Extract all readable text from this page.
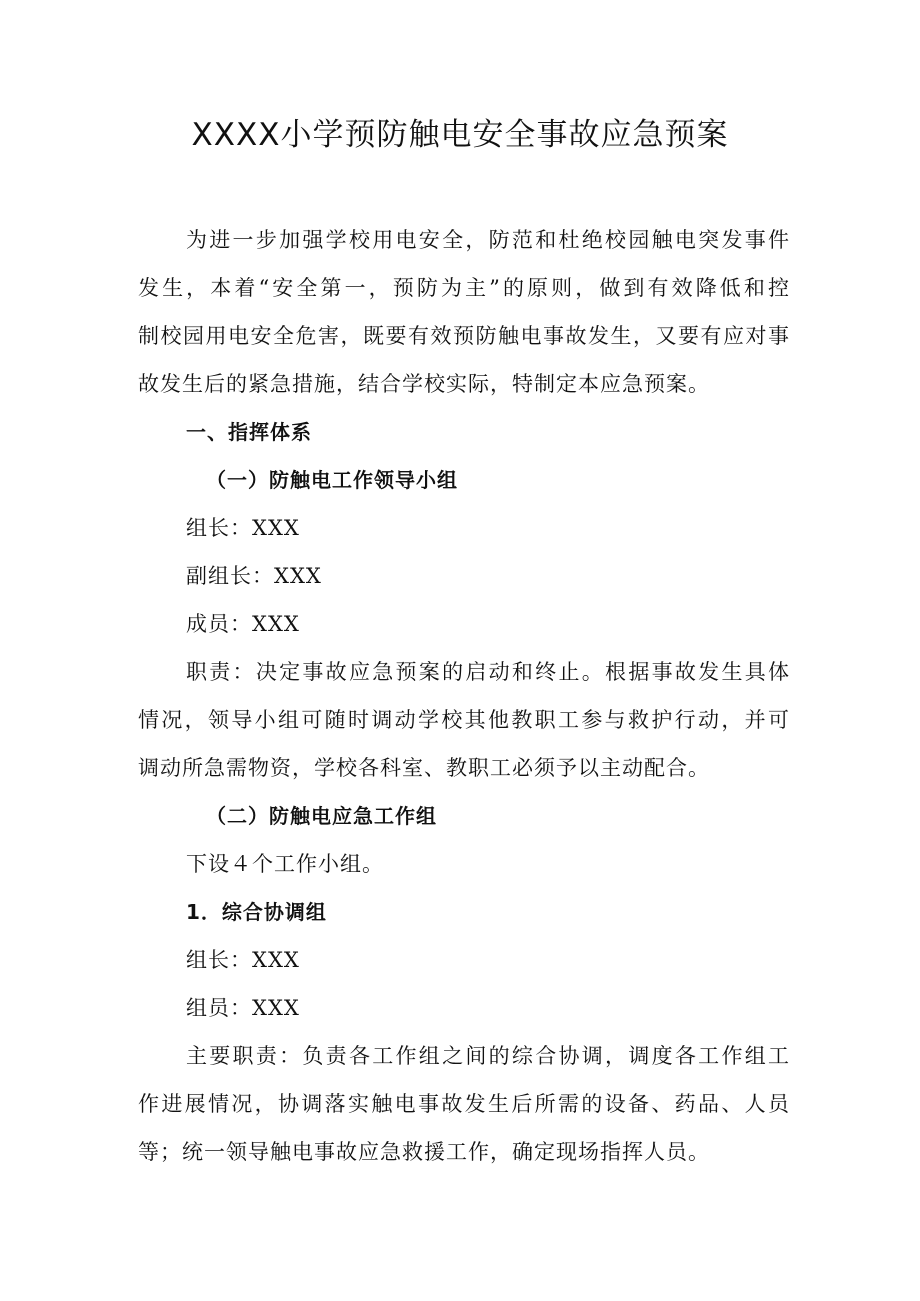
XXXX小学预防触电安全事故应急预案

为进一步加强学校用电安全，防范和杜绝校园触电突发事件

发生，本着“安全第一，预防为主”的原则，做到有效降低和控

制校园用电安全危害，既要有效预防触电事故发生，又要有应对事

故发生后的紧急措施，结合学校实际，特制定本应急预案。

一、指挥体系

（一）防触电工作领导小组

组长：XXX

副组长：XXX

成员：XXX

职责：决定事故应急预案的启动和终止。根据事故发生具体

情况，领导小组可随时调动学校其他教职工参与救护行动，并可

调动所急需物资，学校各科室、教职工必须予以主动配合。

（二）防触电应急工作组

下设４个工作小组。

1．综合协调组

组长：XXX

组员：XXX

主要职责：负责各工作组之间的综合协调，调度各工作组工

作进展情况，协调落实触电事故发生后所需的设备、药品、人员

等；统一领导触电事故应急救援工作，确定现场指挥人员。
